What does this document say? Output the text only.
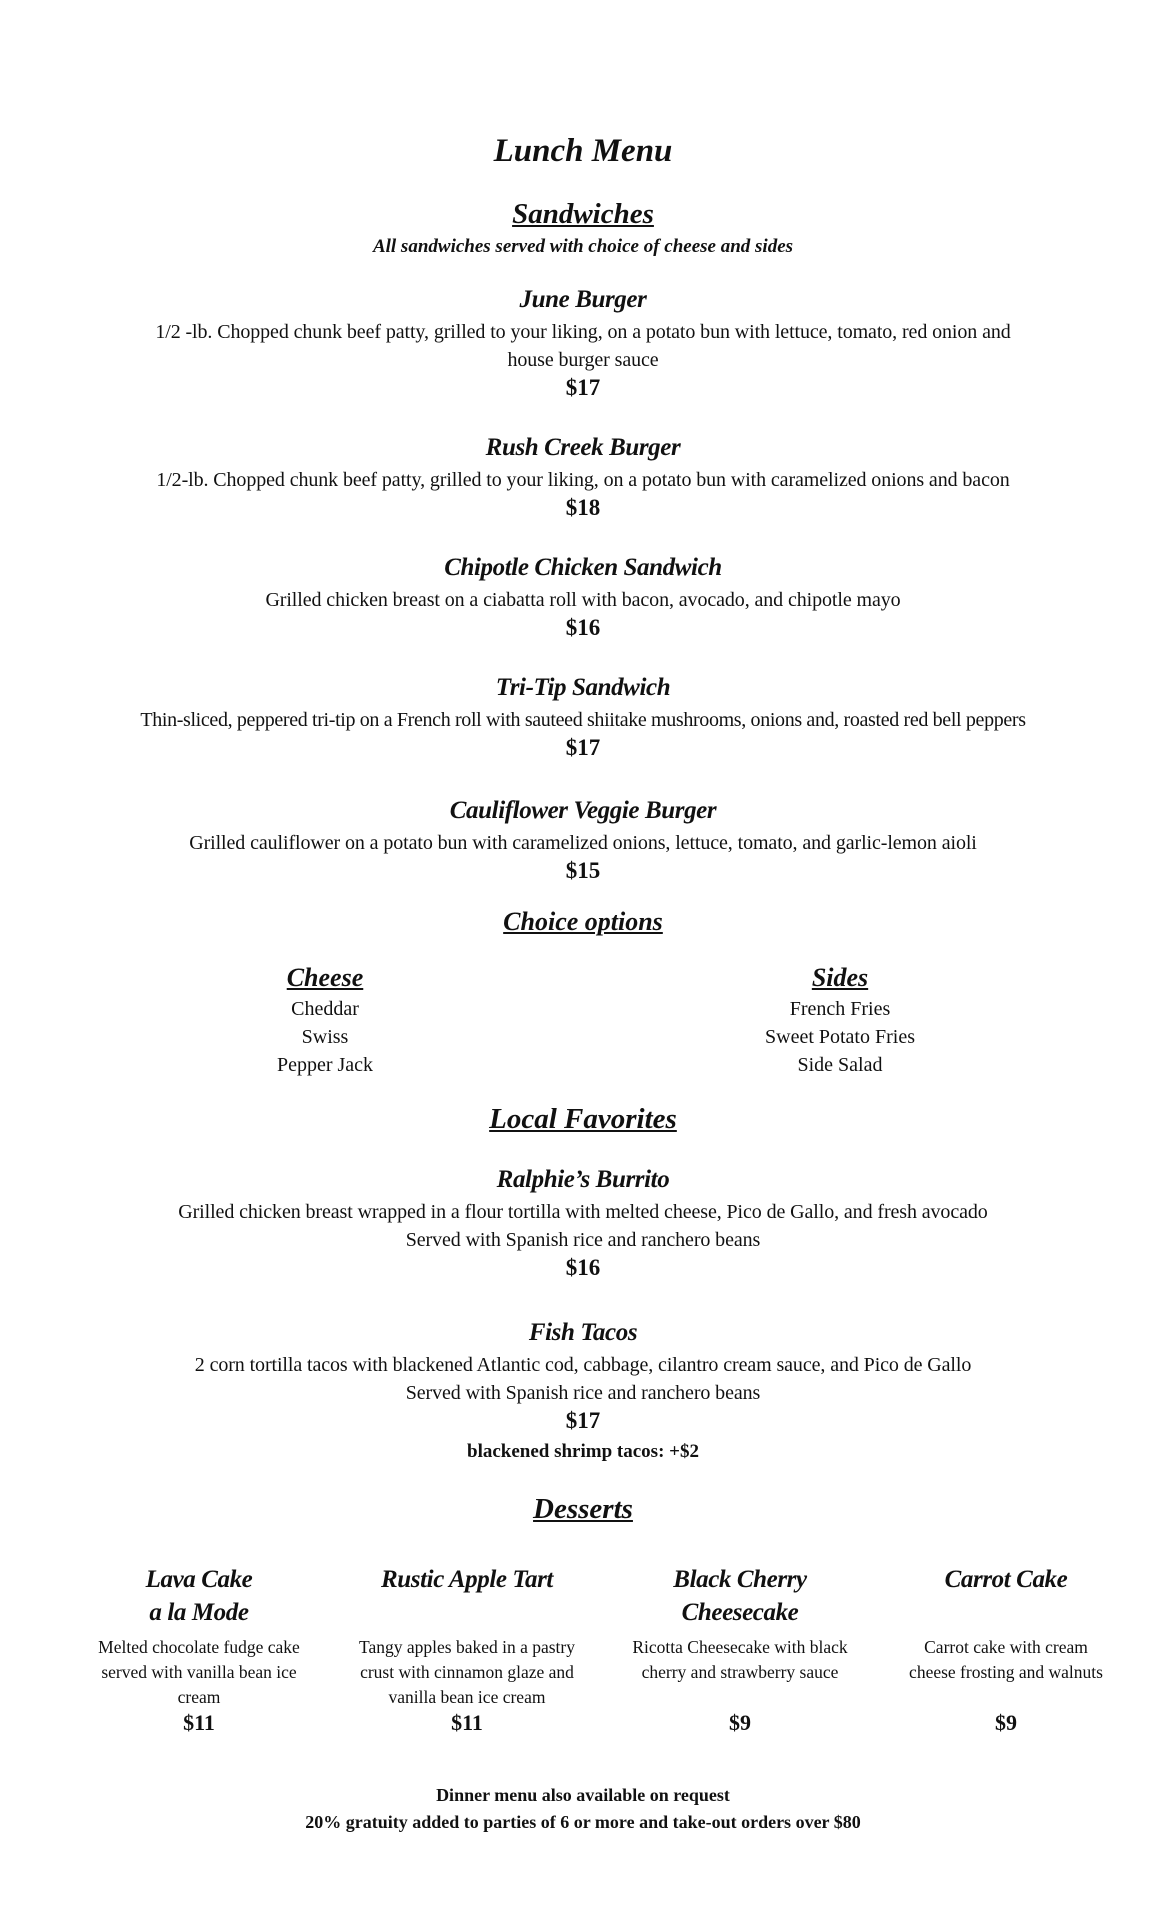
Lunch Menu
Sandwiches
All sandwiches served with choice of cheese and sides
June Burger
1/2 -lb. Chopped chunk beef patty, grilled to your liking, on a potato bun with lettuce, tomato, red onion and
house burger sauce
$17
Rush Creek Burger
1/2-lb. Chopped chunk beef patty, grilled to your liking, on a potato bun with caramelized onions and bacon
$18
Chipotle Chicken Sandwich
Grilled chicken breast on a ciabatta roll with bacon, avocado, and chipotle mayo
$16
Tri-Tip Sandwich
Thin-sliced, peppered tri-tip on a French roll with sauteed shiitake mushrooms, onions and, roasted red bell peppers
$17
Cauliflower Veggie Burger
Grilled cauliflower on a potato bun with caramelized onions, lettuce, tomato, and garlic-lemon aioli
$15
Choice options
Cheese
Cheddar
Swiss
Pepper Jack
Sides
French Fries
Sweet Potato Fries
Side Salad
Local Favorites
Ralphie’s Burrito
Grilled chicken breast wrapped in a flour tortilla with melted cheese, Pico de Gallo, and fresh avocado
Served with Spanish rice and ranchero beans
$16
Fish Tacos
2 corn tortilla tacos with blackened Atlantic cod, cabbage, cilantro cream sauce, and Pico de Gallo
Served with Spanish rice and ranchero beans
$17
blackened shrimp tacos: +$2
Desserts
Lava Cake
a la Mode
Melted chocolate fudge cake
served with vanilla bean ice
cream
$11
Rustic Apple Tart
Tangy apples baked in a pastry
crust with cinnamon glaze and
vanilla bean ice cream
$11
Black Cherry
Cheesecake
Ricotta Cheesecake with black
cherry and strawberry sauce
$9
Carrot Cake
Carrot cake with cream
cheese frosting and walnuts
$9
Dinner menu also available on request
20% gratuity added to parties of 6 or more and take-out orders over $80
